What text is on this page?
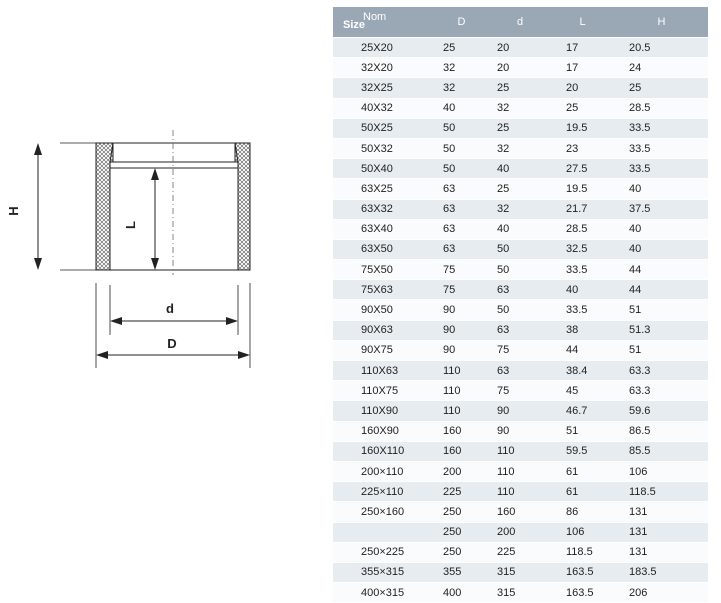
H
L
d
D
Size
Nom	D	d	L	H
25X20	25	20	17	20.5
32X20	32	20	17	24
32X25	32	25	20	25
40X32	40	32	25	28.5
50X25	50	25	19.5	33.5
50X32	50	32	23	33.5
50X40	50	40	27.5	33.5
63X25	63	25	19.5	40
63X32	63	32	21.7	37.5
63X40	63	40	28.5	40
63X50	63	50	32.5	40
75X50	75	50	33.5	44
75X63	75	63	40	44
90X50	90	50	33.5	51
90X63	90	63	38	51.3
90X75	90	75	44	51
110X63	110	63	38.4	63.3
110X75	110	75	45	63.3
110X90	110	90	46.7	59.6
160X90	160	90	51	86.5
160X110	160	110	59.5	85.5
200×110	200	110	61	106
225×110	225	110	61	118.5
250×160	250	160	86	131
	250	200	106	131
250×225	250	225	118.5	131
355×315	355	315	163.5	183.5
400×315	400	315	163.5	206
